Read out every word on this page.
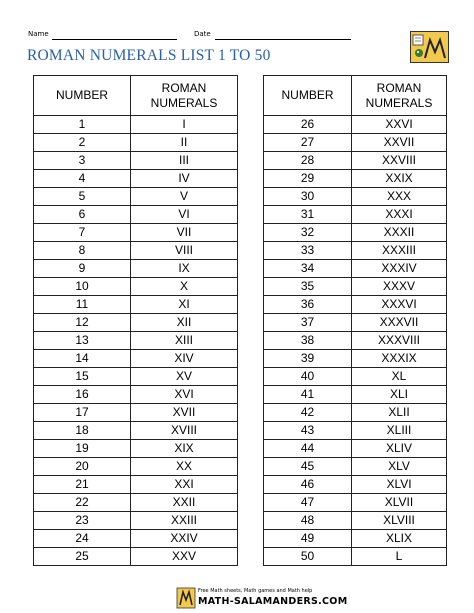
Name	Date
ROMAN NUMERALS LIST 1 TO 50
NUMBER	ROMAN
NUMERALS

1	I
2	II
3	III
4	IV
5	V
6	VI
7	VII
8	VIII
9	IX
10	X
11	XI
12	XII
13	XIII
14	XIV
15	XV
16	XVI
17	XVII
18	XVIII
19	XIX
20	XX
21	XXI
22	XXII
23	XXIII
24	XXIV
25	XXV
NUMBER	ROMAN
NUMERALS

26	XXVI
27	XXVII
28	XXVIII
29	XXIX
30	XXX
31	XXXI
32	XXXII
33	XXXIII
34	XXXIV
35	XXXV
36	XXXVI
37	XXXVII
38	XXXVIII
39	XXXIX
40	XL
41	XLI
42	XLII
43	XLIII
44	XLIV
45	XLV
46	XLVI
47	XLVII
48	XLVIII
49	XLIX
50	L
Free Math sheets, Math games and Math help
MATH-SALAMANDERS.COM
